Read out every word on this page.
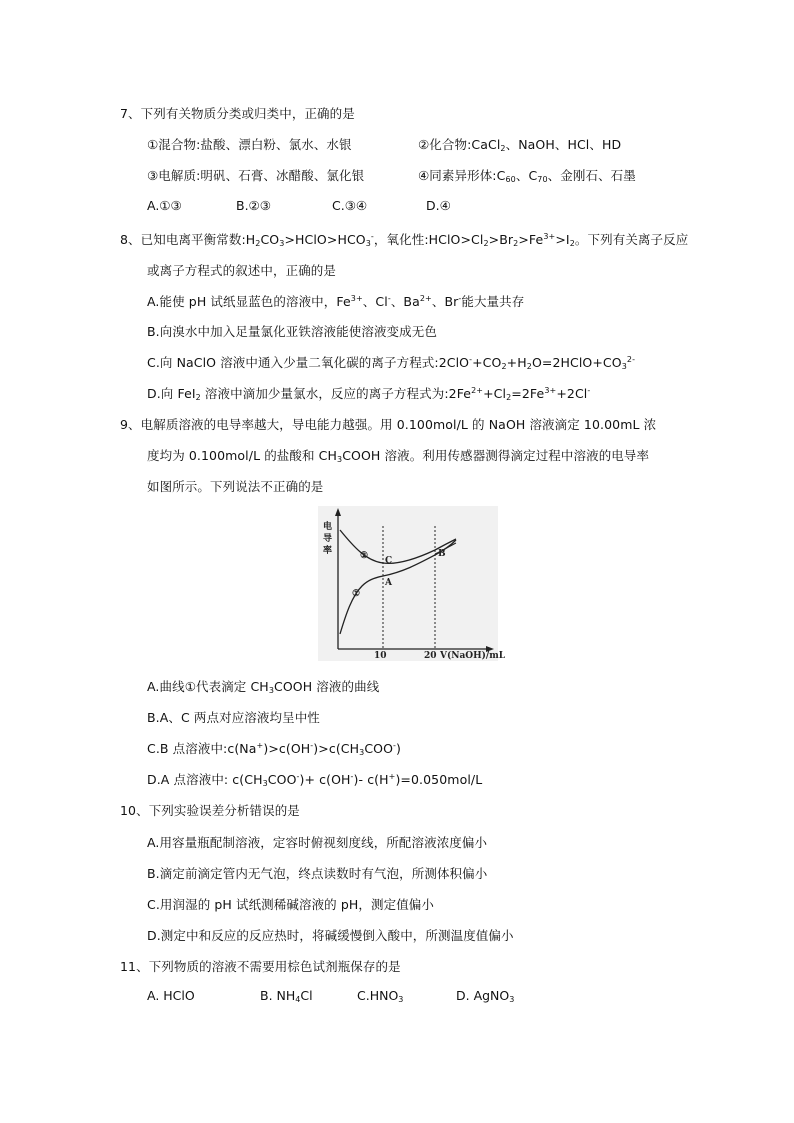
7、下列有关物质分类或归类中，正确的是
①混合物:盐酸、漂白粉、氯水、水银	②化合物:CaCl2、NaOH、HCl、HD
③电解质:明矾、石膏、冰醋酸、氯化银	④同素异形体:C60、C70、金刚石、石墨
A.①③	B.②③	C.③④	D.④
8、已知电离平衡常数:H2CO3>HClO>HCO3-，氧化性$:HClO>Cl2>Br2>Fe^{3+}>I2$。下列有关离子反应
或离子方程式的叙述中，正确的是
A.能使 pH 试纸显蓝色的溶液中，$Fe^{3+}$、Cl-、$Ba^{2+}$、Br-能大量共存
B.向溴水中加入足量氯化亚铁溶液能使溶液变成无色
C.向 NaClO 溶液中通入少量二氧化碳的离子方程式$:2ClO^-+CO2+H2O=2HClO+CO3^{2-}$
D.向 FeI2 溶液中滴加少量氯水，反应的离子方程式为$:2Fe^{2+}+Cl2=2Fe^{3+}+2Cl^-$
9、电解质溶液的电导率越大，导电能力越强。用 0.100mol/L 的 NaOH 溶液滴定 10.00mL 浓
度均为 0.100mol/L 的盐酸和 CH3COOH 溶液。利用传感器测得滴定过程中溶液的电导率
如图所示。下列说法不正确的是
电
导
率	②
①
C
A
B
10	20 V(NaOH)/mL
A.曲线①代表滴定 CH3COOH 溶液的曲线
B.A、C 两点对应溶液均呈中性
C.B 点溶液中:c(Na+)>c(OH-)>c(CH3COO-)
D.A 点溶液中: c(CH3COO-)+ c(OH-)- c(H+)=0.050mol/L
10、下列实验误差分析错误的是
A.用容量瓶配制溶液，定容时俯视刻度线，所配溶液浓度偏小
B.滴定前滴定管内无气泡，终点读数时有气泡，所测体积偏小
C.用润湿的 pH 试纸测稀碱溶液的 pH，测定值偏小
D.测定中和反应的反应热时，将碱缓慢倒入酸中，所测温度值偏小
11、下列物质的溶液不需要用棕色试剂瓶保存的是
A. HClO	B. NH4Cl	C.HNO3	D. AgNO3
